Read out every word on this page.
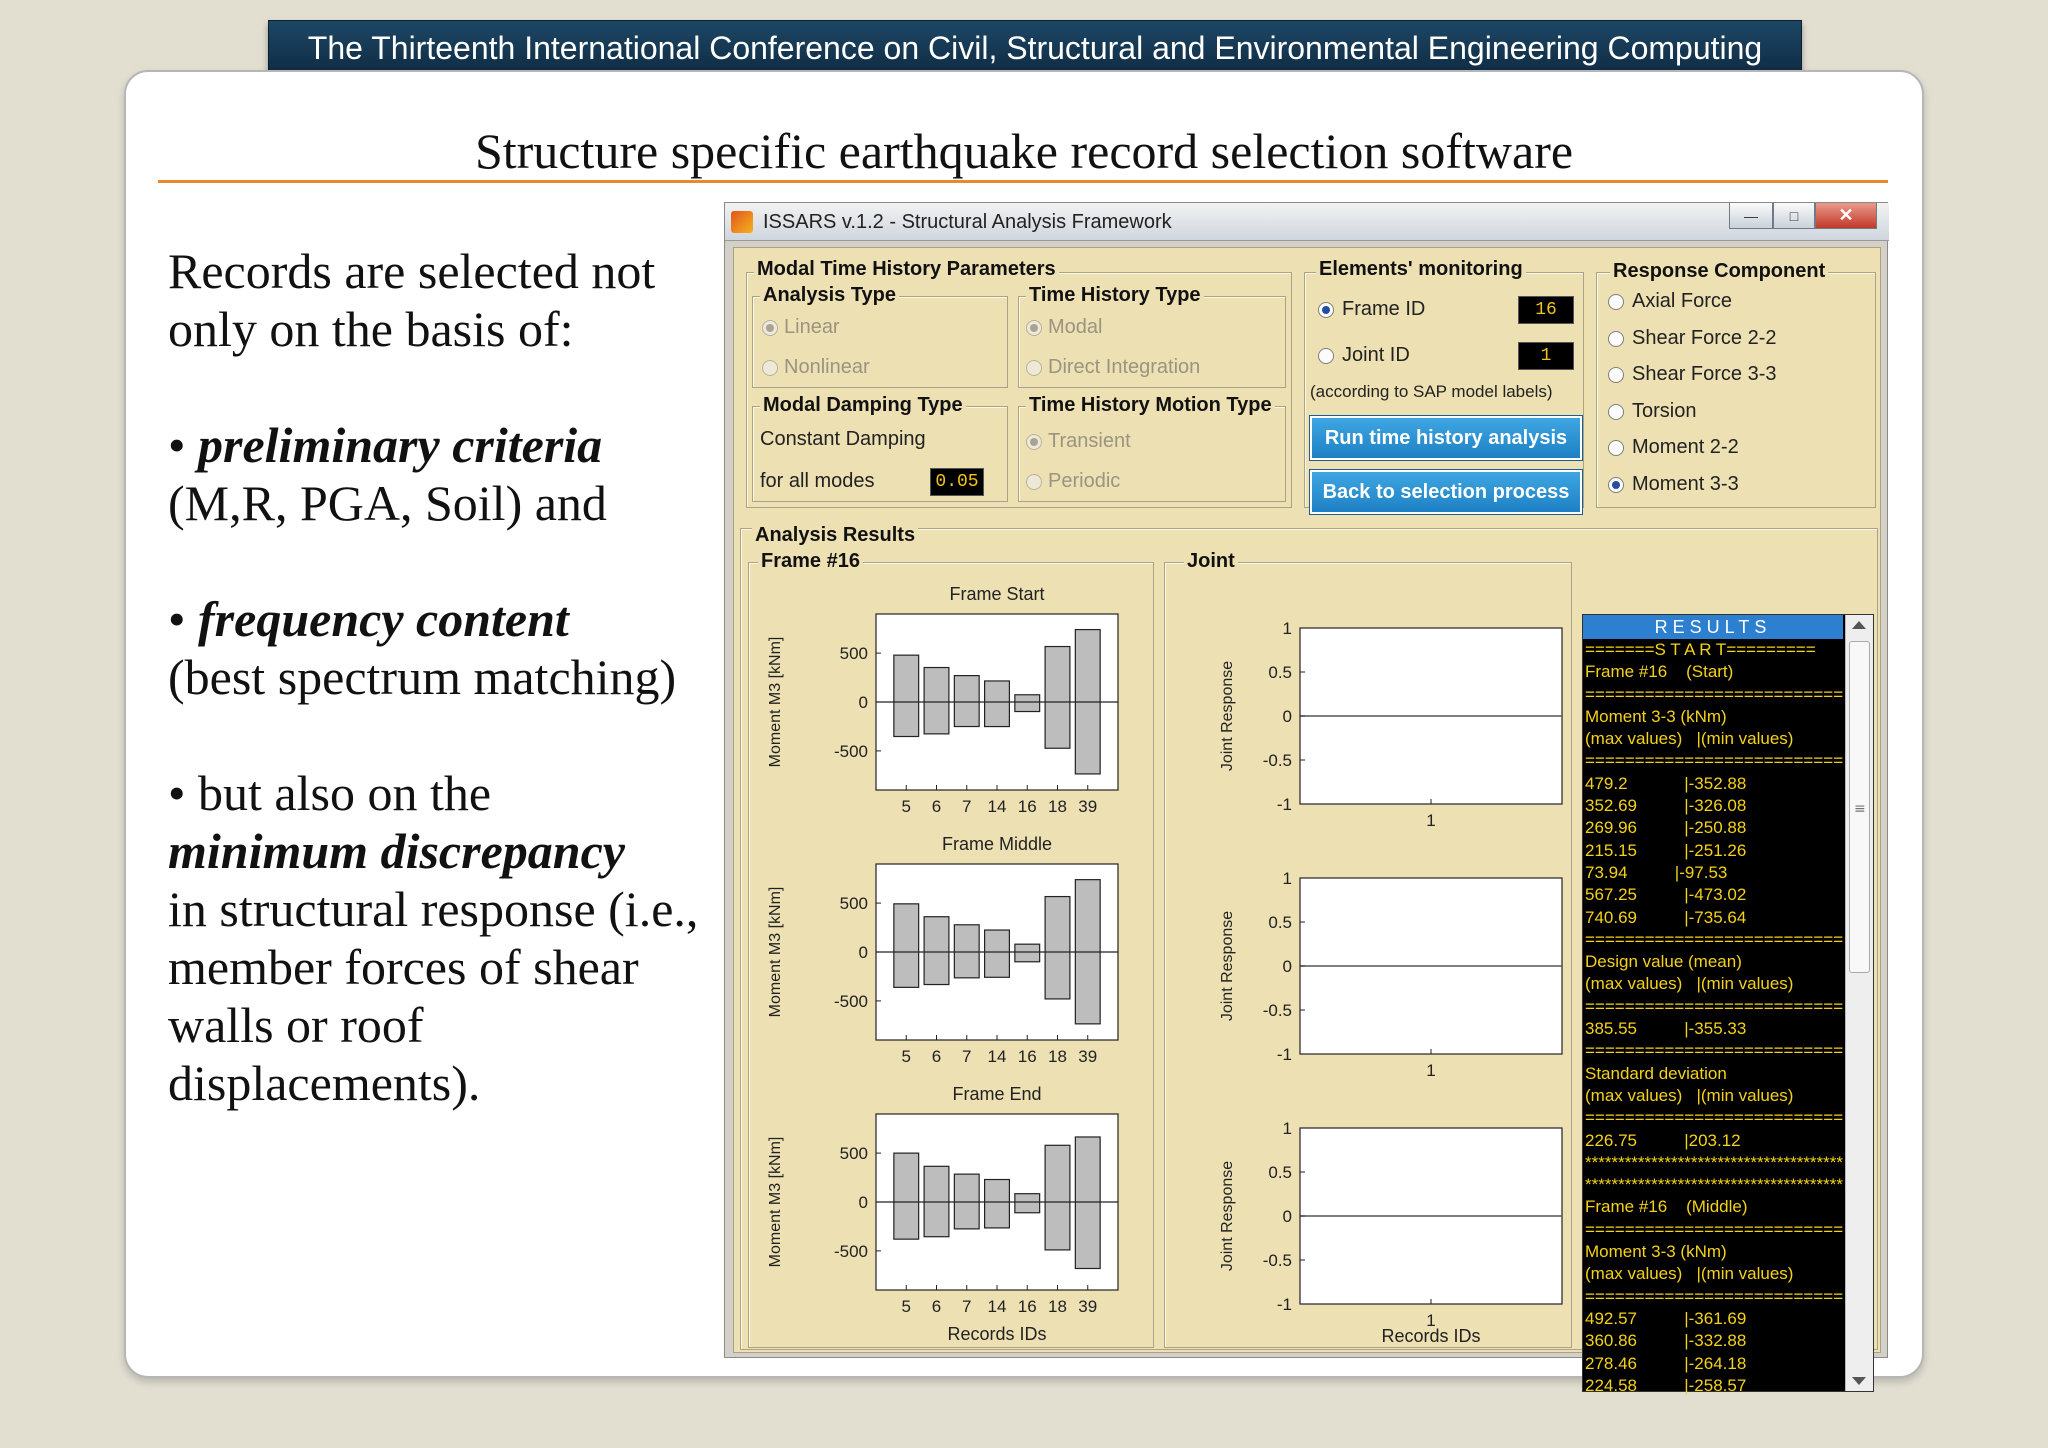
The Thirteenth International Conference on Civil, Structural and Environmental Engineering Computing
Structure specific earthquake record selection software

Records are selected not only on the basis of:

• preliminary criteria
(M,R, PGA, Soil) and

• frequency content
(best spectrum matching)

• but also on the
minimum discrepancy
in structural response (i.e., member forces of shear walls or roof displacements).

ISSARS v.1.2 - Structural Analysis Framework	—	□	✕
Modal Time History Parameters
Analysis Type
Linear
Nonlinear
Time History Type
Modal
Direct Integration
Modal Damping Type
Constant Damping
for all modes	0.05
Time History Motion Type
Transient
Periodic
Elements' monitoring
Frame ID	16
Joint ID	1
(according to SAP model labels)
Run time history analysis
Back to selection process
Response Component
Axial Force
Shear Force 2-2
Shear Force 3-3
Torsion
Moment 2-2
Moment 3-3
Analysis Results
Frame #16	Joint
Frame Start
5 6 7 14 16 18 39
500
0
-500
Moment M3 [kNm]
Frame Middle
5 6 7 14 16 18 39
500
0
-500
Moment M3 [kNm]
Frame End
5 6 7 14 16 18 39
500
0
-500
Moment M3 [kNm]
Records IDs
1
0.5
0
-0.5
-1
1
Joint Response
1
0.5
0
-0.5
-1
1
Joint Response
1
0.5
0
-0.5
-1
1
Joint Response
Records IDs
RESULTS
=======S T A R T=========
Frame #16    (Start)
==========================
Moment 3-3 (kNm)
(max values)   |(min values)
==========================
479.2            |-352.88
352.69          |-326.08
269.96          |-250.88
215.15          |-251.26
73.94          |-97.53
567.25          |-473.02
740.69          |-735.64
==========================
Design value (mean)
(max values)   |(min values)
==========================
385.55          |-355.33
==========================
Standard deviation
(max values)   |(min values)
==========================
226.75          |203.12
***************************************
***************************************
Frame #16    (Middle)
==========================
Moment 3-3 (kNm)
(max values)   |(min values)
==========================
492.57          |-361.69
360.86          |-332.88
278.46          |-264.18
224.58          |-258.57
≡
